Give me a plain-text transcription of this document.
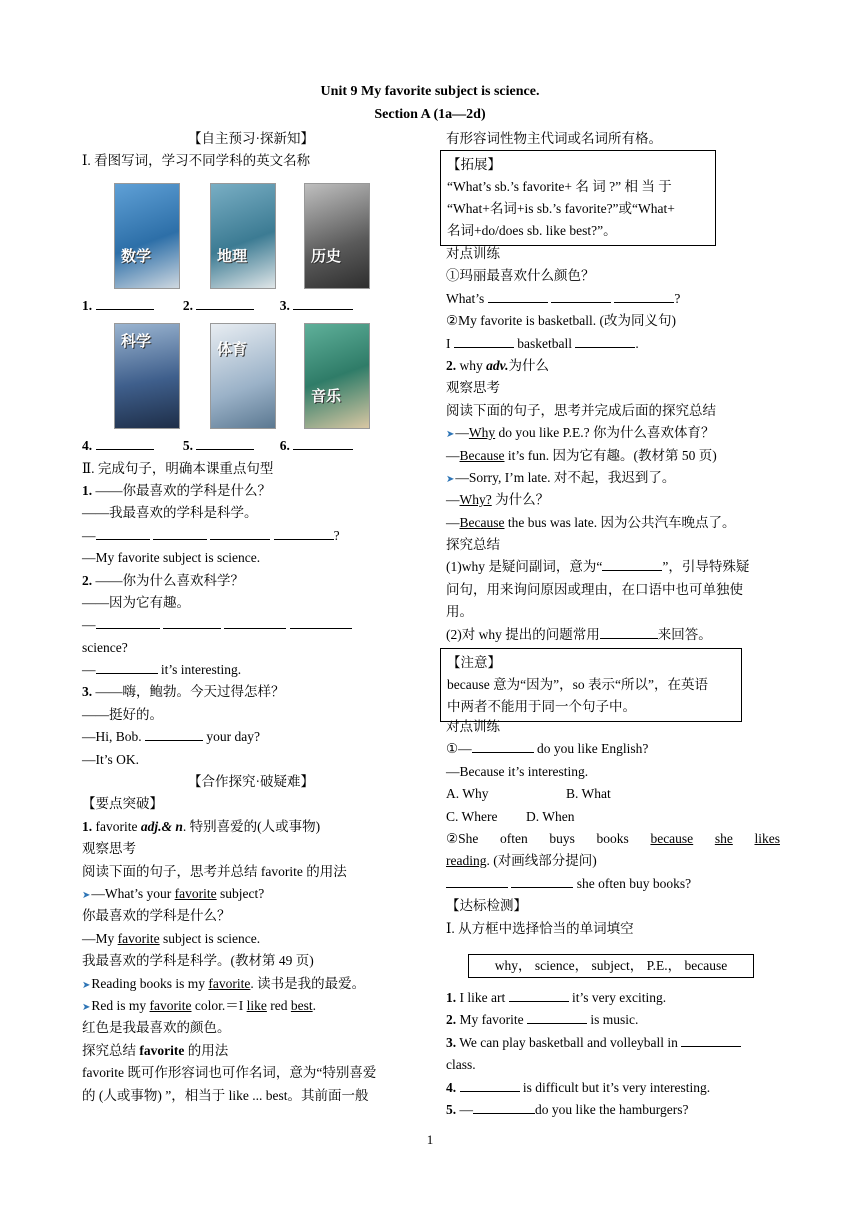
Unit 9 My favorite subject is science.
Section A (1a—2d)
【自主预习·探新知】
Ⅰ. 看图写词，学习不同学科的英文名称
数学	地理	历史
1.	2.	3.
科学	体育
音乐
4.	5.	6.
Ⅱ. 完成句子，明确本课重点句型
1. ——你最喜欢的学科是什么？
——我最喜欢的学科是科学。
—	?
—My favorite subject is science.
2. ——你为什么喜欢科学？
——因为它有趣。
—
science?
—	it’s interesting.
3. ——嗨，鲍勃。今天过得怎样？
——挺好的。
—Hi, Bob.	your day?
—It’s OK.
【合作探究·破疑难】
【要点突破】
1. favorite adj.& n. 特别喜爱的(人或事物)
观察思考
阅读下面的句子，思考并总结 favorite 的用法
➤—What’s your favorite subject?
你最喜欢的学科是什么？
—My favorite subject is science.
我最喜欢的学科是科学。(教材第 49 页)
➤Reading books is my favorite. 读书是我的最爱。
➤Red is my favorite color.＝I like red best.
红色是我最喜欢的颜色。
探究总结 favorite 的用法
favorite 既可作形容词也可作名词，意为“特别喜爱
的 (人或事物) ”，相当于 like ... best。其前面一般
有形容词性物主代词或名词所有格。
【拓展】
“What’s sb.’s favorite+ 名 词 ?” 相 当 于
“What+名词+is sb.’s favorite?”或“What+
名词+do/does sb. like best?”。
对点训练
①玛丽最喜欢什么颜色？
What’s	?
②My favorite is basketball. (改为同义句)
I	basketball	.
2. why adv.为什么
观察思考
阅读下面的句子，思考并完成后面的探究总结
➤—Why do you like P.E.? 你为什么喜欢体育？
—Because it’s fun. 因为它有趣。(教材第 50 页)
➤—Sorry, I’m late. 对不起，我迟到了。
—Why? 为什么？
—Because the bus was late. 因为公共汽车晚点了。
探究总结
(1)why 是疑问副词，意为“	”，引导特殊疑
问句，用来询问原因或理由，在口语中也可单独使
用。
(2)对 why 提出的问题常用	来回答。
【注意】
because 意为“因为”，so 表示“所以”，在英语
中两者不能用于同一个句子中。
对点训练
①—	do you like English?
—Because it’s interesting.
A. Why	B. What
C. Where D. When
②She often buys books because she likes
reading. (对画线部分提问)
she often buy books?
【达标检测】
Ⅰ. 从方框中选择恰当的单词填空
why， science， subject， P.E.， because
1. I like art	it’s very exciting.
2. My favorite	is music.
3. We can play basketball and volleyball in
class.
4.	is difficult but it’s very interesting.
5. —	do you like the hamburgers?
1
